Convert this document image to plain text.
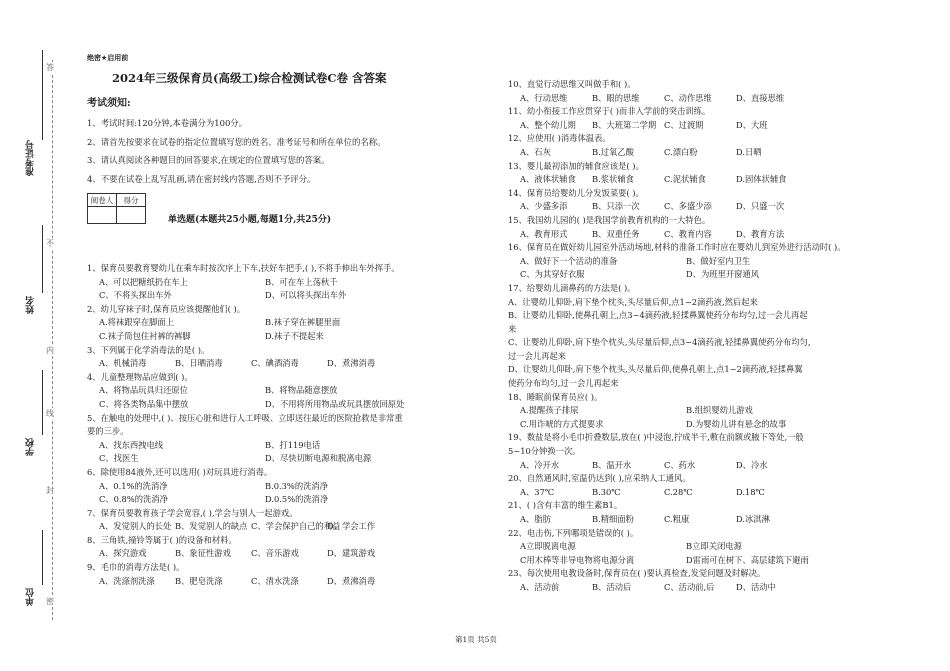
准考证号
姓名
学校
单位
答
不
内
线
封
密
绝密★启用前
2024年三级保育员(高级工)综合检测试卷C卷 含答案
考试须知:
1、考试时间:120分钟,本卷满分为100分。
2、请首先按要求在试卷的指定位置填写您的姓名、准考证号和所在单位的名称。
3、请认真阅读各种题目的回答要求,在规定的位置填写您的答案。
4、不要在试卷上乱写乱画,请在密封线内答题,否则不予评分。
阅卷人	得分

单选题(本题共25小题,每题1分,共25分)
1、保育员要教育婴幼儿在乘车时按次序上下车,扶好车把手,( ),不将手伸出车外挥手。
A、可以把糖纸扔在车上	B、可在车上荡秋千
C、不将头探出车外	D、可以将头探出车外
2、幼儿穿袜子时,保育员应该提醒他们( )。
A.将袜跟穿在脚面上	B.袜子穿在裤腿里面
C.袜子筒包住衬裤的裤脚	D.袜子不提起来
3、下列属于化学消毒法的是( )。
A、机械消毒	B、日晒消毒	C、碘酒消毒	D、煮沸消毒
4、儿童整理物品应做到( )。
A、将物品玩具归还原位	B、将物品随意摆放
C、将各类物品集中摆放	D、不用将所用物品或玩具摆放回原处
5、在触电的处理中,( )、按压心脏和进行人工呼吸、立即送往最近的医院抢救是非常重
要的三步。
A、找东西拽电线	B、打119电话
C、找医生	D、尽快切断电源和脱离电源
6、除使用84液外,还可以选用( )对玩具进行消毒。
A、0.1%的洗消净	B.0.3%的洗消净
C、0.8%的洗消净	D.0.5%的洗消净
7、保育员要教育孩子学会宽容,( ),学会与别人一起游戏。
A、发觉别人的长处 B、发觉别人的缺点 C、学会保护自己的利益D、学会工作
8、三角铁,撞铃等属于( )的设备和材料。
A、探究游戏	B、象征性游戏 C、音乐游戏	D、建筑游戏
9、毛巾的消毒方法是( )。
A、洗涤剂洗涤 B、肥皂洗涤	C、清水洗涤	D、煮沸消毒
10、直觉行动思维又叫做手和( )。
A、行动思维	B、眼的思维	C、动作思维	D、直接思维
11、幼小衔接工作应贯穿于( )而非入学前的突击训练。
A、整个幼儿期 B、大班第二学期 C、过渡期	D、大班
12、应使用( )消毒体温表。
A、石灰	B.过氧乙酸	C.漂白粉	D.日晒
13、婴儿最初添加的辅食应该是( )。
A、液体状辅食 B.浆状辅食	C.泥状辅食	D.固体状辅食
14、保育员给婴幼儿分发饭菜要( )。
A、少盛多添	B、只添一次	C、多盛少添	D、只盛一次
15、我国幼儿园的( )是我国学前教育机构的一大特色。
A、教育形式	B、双重任务	C、教育内容	D、教育方法
16、保育员在做好幼儿园室外活动场地,材料的准备工作时应在婴幼儿到室外进行活动时( )。
A、做好下一个活动的准备	B、做好室内卫生
C、为其穿好衣服	D、为班里开窗通风
17、给婴幼儿滴鼻药的方法是( )。
A、让婴幼儿仰卧,肩下垫个枕头,头尽量后仰,点1~2滴药液,然后起来
B、让婴幼儿仰卧,使鼻孔朝上,点3~4滴药液,轻揉鼻翼使药分布均匀,过一会儿再起
来
C、让婴幼儿仰卧,肩下垫个枕头,头尽量后仰,点3~4滴药液,轻揉鼻翼使药分布均匀,
过一会儿再起来
D、让婴幼儿仰卧,肩下垫个枕头,头尽量后仰,使鼻孔朝上,点1~2滴药液,轻揉鼻翼
使药分布均匀,过一会儿再起来
18、睡眠前保育员应( )。
A.提醒孩子排尿	B.组织婴幼儿游戏
C.用诈唬的方式提要求	D.为婴幼儿讲有悬念的故事
19、数盐是将小毛巾折叠数层,放在( )中浸泡,拧成半干,敷在前额或腋下等处,一般
5~10分钟换一次。
A、冷开水	B、温开水	C、药水	D、冷水
20、自然通风时,室温仍达到( ),应采纳人工通风。
A、37℃	B.30℃	C.28℃	D.18℃
21、( )含有丰富的维生素B1。
A、脂肪	B.精细面粉	C.粗康	D.冰淇淋
22、电击伤,下列哪项是错误的( )。
A立即脱离电源	B立即关闭电源
C用木棒等非导电物将电源分离	D雷雨可在树下、高层建筑下避雨
23、每次使用电教设备时,保育员在( )要认真检查,发觉问题及时解决。
A、活动前	B、活动后	C、活动前,后	D、活动中
第1页 共5页
